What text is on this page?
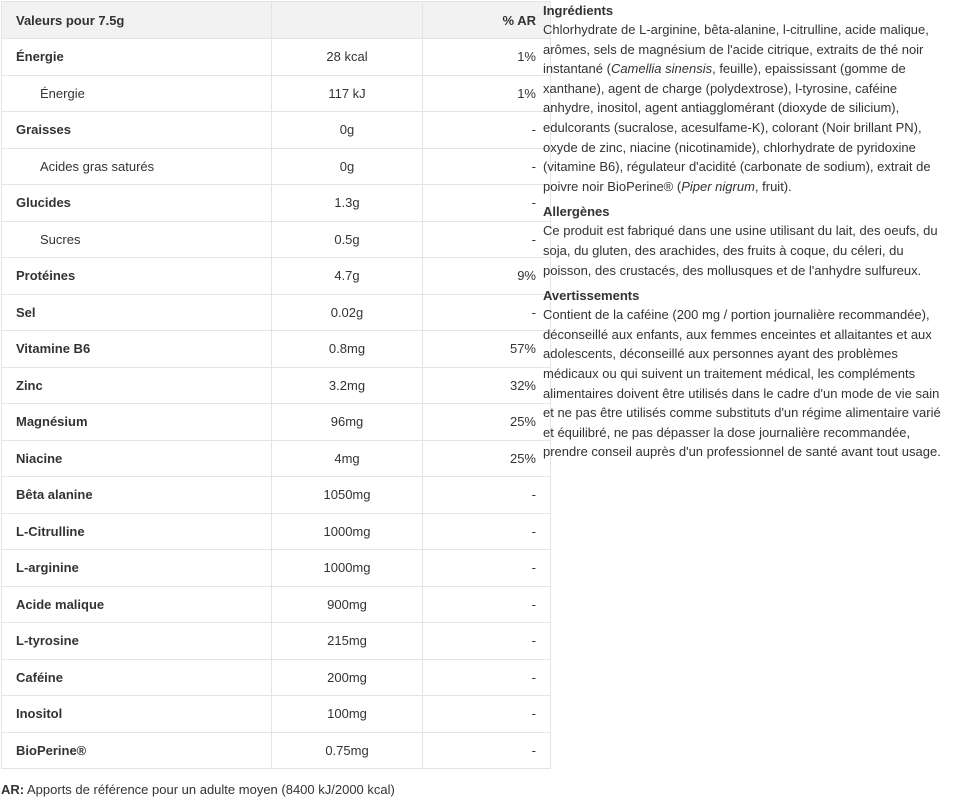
Valeurs pour 7.5g		% AR
Énergie	28 kcal	1%
Énergie	117 kJ	1%
Graisses	0g	-
Acides gras saturés	0g	-
Glucides	1.3g	-
Sucres	0.5g	-
Protéines	4.7g	9%
Sel	0.02g	-
Vitamine B6	0.8mg	57%
Zinc	3.2mg	32%
Magnésium	96mg	25%
Niacine	4mg	25%
Bêta alanine	1050mg	-
L-Citrulline	1000mg	-
L-arginine	1000mg	-
Acide malique	900mg	-
L-tyrosine	215mg	-
Caféine	200mg	-
Inositol	100mg	-
BioPerine®	0.75mg	-
AR: Apports de référence pour un adulte moyen (8400 kJ/2000 kcal)
Ingrédients

Chlorhydrate de L-arginine, bêta-alanine, l-citrulline, acide malique, arômes, sels de magnésium de l'acide citrique, extraits de thé noir instantané (Camellia sinensis, feuille), epaississant (gomme de xanthane), agent de charge (polydextrose), l-tyrosine, caféine anhydre, inositol, agent antiagglomérant (dioxyde de silicium), edulcorants (sucralose, acesulfame-K), colorant (Noir brillant PN), oxyde de zinc, niacine (nicotinamide), chlorhydrate de pyridoxine (vitamine B6), régulateur d'acidité (carbonate de sodium), extrait de poivre noir BioPerine® (Piper nigrum, fruit).

Allergènes

Ce produit est fabriqué dans une usine utilisant du lait, des oeufs, du soja, du gluten, des arachides, des fruits à coque, du céleri, du poisson, des crustacés, des mollusques et de l'anhydre sulfureux.

Avertissements

Contient de la caféine (200 mg / portion journalière recommandée), déconseillé aux enfants, aux femmes enceintes et allaitantes et aux adolescents, déconseillé aux personnes ayant des problèmes médicaux ou qui suivent un traitement médical, les compléments alimentaires doivent être utilisés dans le cadre d'un mode de vie sain et ne pas être utilisés comme substituts d'un régime alimentaire varié et équilibré, ne pas dépasser la dose journalière recommandée, prendre conseil auprès d'un professionnel de santé avant tout usage.
